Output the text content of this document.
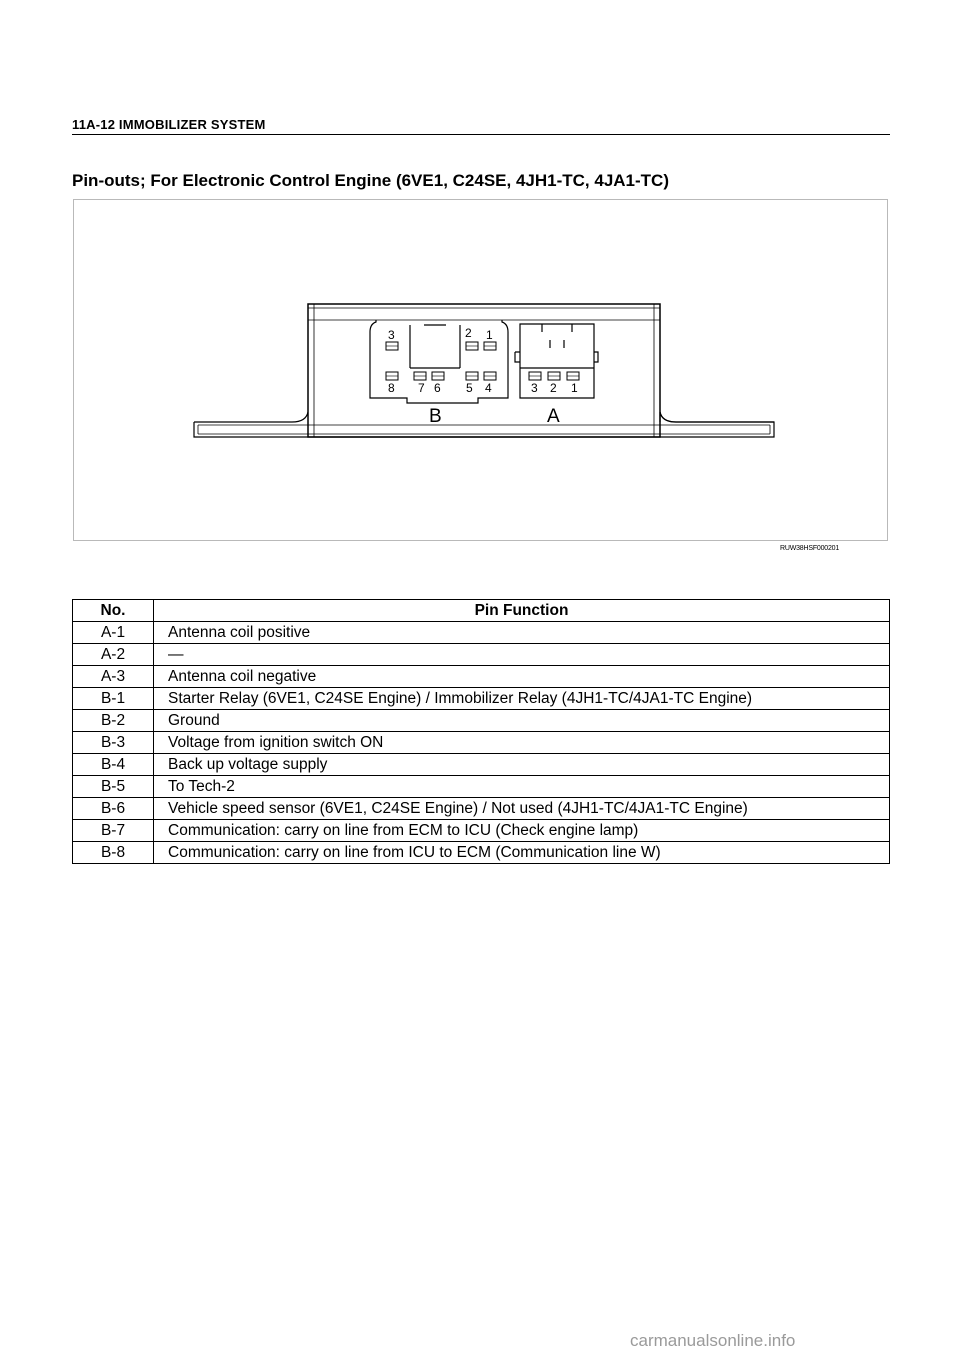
11A-12 IMMOBILIZER SYSTEM
Pin-outs; For Electronic Control Engine (6VE1, C24SE, 4JH1-TC, 4JA1-TC)
3	2 1
8 7 6 5 4	3 2 1
B	A
RUW38HSF000201
No.	Pin Function
A-1	Antenna coil positive
A-2	—
A-3	Antenna coil negative
B-1	Starter Relay (6VE1, C24SE Engine) / Immobilizer Relay (4JH1-TC/4JA1-TC Engine)
B-2	Ground
B-3	Voltage from ignition switch ON
B-4	Back up voltage supply
B-5	To Tech-2
B-6	Vehicle speed sensor (6VE1, C24SE Engine) / Not used (4JH1-TC/4JA1-TC Engine)
B-7	Communication: carry on line from ECM to ICU (Check engine lamp)
B-8	Communication: carry on line from ICU to ECM (Communication line W)
carmanualsonline.info
